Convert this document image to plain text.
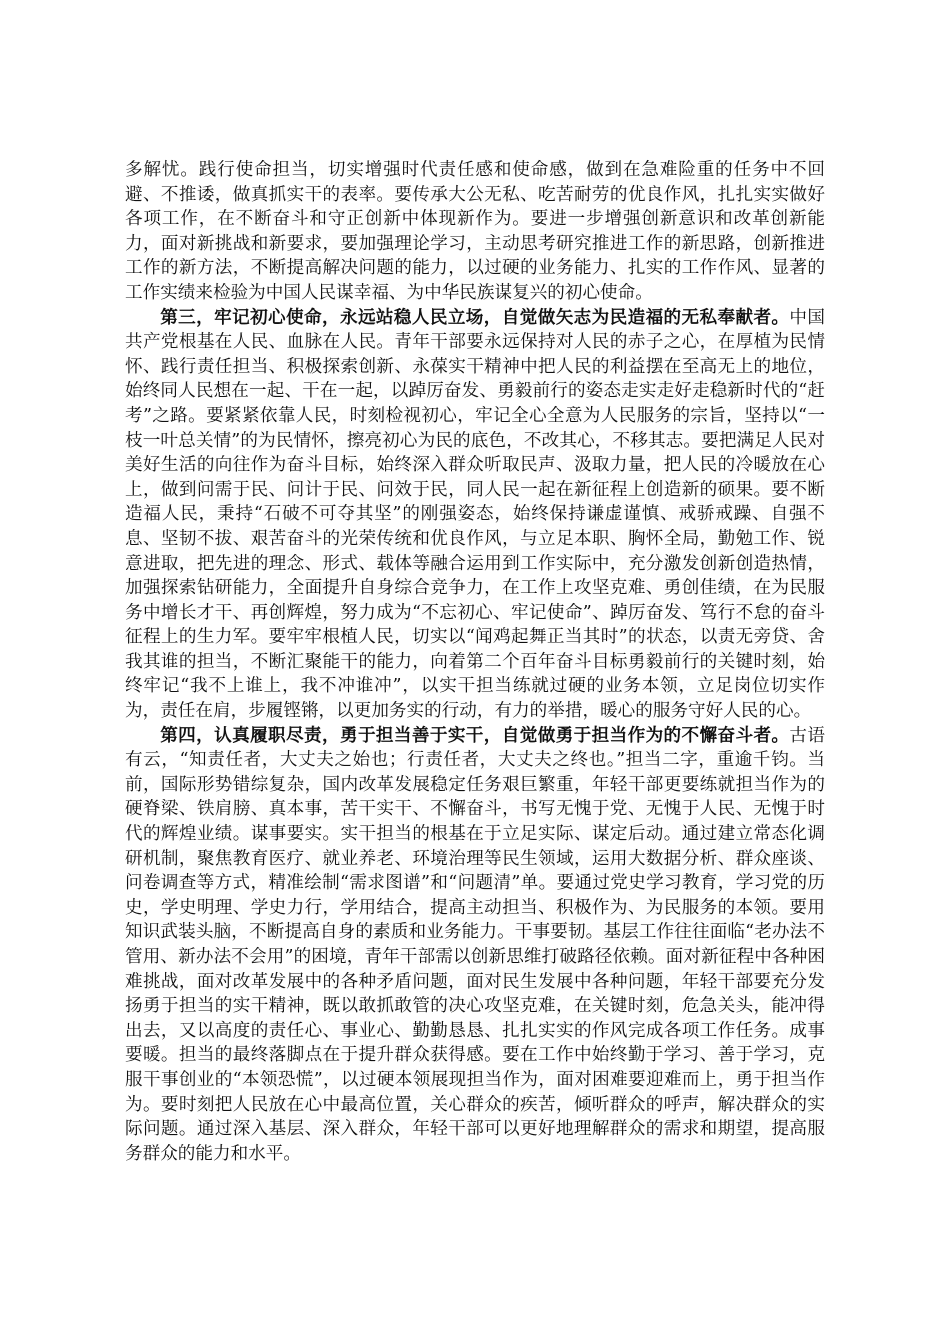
多解忧。践行使命担当，切实增强时代责任感和使命感，做到在急难险重的任务中不回避、不推诿，做真抓实干的表率。要传承大公无私、吃苦耐劳的优良作风，扎扎实实做好各项工作，在不断奋斗和守正创新中体现新作为。要进一步增强创新意识和改革创新能力，面对新挑战和新要求，要加强理论学习，主动思考研究推进工作的新思路，创新推进工作的新方法，不断提高解决问题的能力，以过硬的业务能力、扎实的工作作风、显著的工作实绩来检验为中国人民谋幸福、为中华民族谋复兴的初心使命。

第三，牢记初心使命，永远站稳人民立场，自觉做矢志为民造福的无私奉献者。中国共产党根基在人民、血脉在人民。青年干部要永远保持对人民的赤子之心，在厚植为民情怀、践行责任担当、积极探索创新、永葆实干精神中把人民的利益摆在至高无上的地位，始终同人民想在一起、干在一起，以踔厉奋发、勇毅前行的姿态走实走好走稳新时代的“赶考”之路。要紧紧依靠人民，时刻检视初心，牢记全心全意为人民服务的宗旨，坚持以“一枝一叶总关情”的为民情怀，擦亮初心为民的底色，不改其心，不移其志。要把满足人民对美好生活的向往作为奋斗目标，始终深入群众听取民声、汲取力量，把人民的冷暖放在心上，做到问需于民、问计于民、问效于民，同人民一起在新征程上创造新的硕果。要不断造福人民，秉持“石破不可夺其坚”的刚强姿态，始终保持谦虚谨慎、戒骄戒躁、自强不息、坚韧不拔、艰苦奋斗的光荣传统和优良作风，与立足本职、胸怀全局，勤勉工作、锐意进取，把先进的理念、形式、载体等融合运用到工作实际中，充分激发创新创造热情，加强探索钻研能力，全面提升自身综合竞争力，在工作上攻坚克难、勇创佳绩，在为民服务中增长才干、再创辉煌，努力成为“不忘初心、牢记使命”、踔厉奋发、笃行不怠的奋斗征程上的生力军。要牢牢根植人民，切实以“闻鸡起舞正当其时”的状态，以责无旁贷、舍我其谁的担当，不断汇聚能干的能力，向着第二个百年奋斗目标勇毅前行的关键时刻，始终牢记“我不上谁上，我不冲谁冲”，以实干担当练就过硬的业务本领，立足岗位切实作为，责任在肩，步履铿锵，以更加务实的行动，有力的举措，暖心的服务守好人民的心。

第四，认真履职尽责，勇于担当善于实干，自觉做勇于担当作为的不懈奋斗者。古语有云，“知责任者，大丈夫之始也；行责任者，大丈夫之终也。”担当二字，重逾千钧。当前，国际形势错综复杂，国内改革发展稳定任务艰巨繁重，年轻干部更要练就担当作为的硬脊梁、铁肩膀、真本事，苦干实干、不懈奋斗，书写无愧于党、无愧于人民、无愧于时代的辉煌业绩。谋事要实。实干担当的根基在于立足实际、谋定后动。通过建立常态化调研机制，聚焦教育医疗、就业养老、环境治理等民生领域，运用大数据分析、群众座谈、问卷调查等方式，精准绘制“需求图谱”和“问题清”单。要通过党史学习教育，学习党的历史，学史明理、学史力行，学用结合，提高主动担当、积极作为、为民服务的本领。要用知识武装头脑，不断提高自身的素质和业务能力。干事要韧。基层工作往往面临“老办法不管用、新办法不会用”的困境，青年干部需以创新思维打破路径依赖。面对新征程中各种困难挑战，面对改革发展中的各种矛盾问题，面对民生发展中各种问题，年轻干部要充分发扬勇于担当的实干精神，既以敢抓敢管的决心攻坚克难，在关键时刻，危急关头，能冲得出去，又以高度的责任心、事业心、勤勤恳恳、扎扎实实的作风完成各项工作任务。成事要暖。担当的最终落脚点在于提升群众获得感。要在工作中始终勤于学习、善于学习，克服干事创业的“本领恐慌”，以过硬本领展现担当作为，面对困难要迎难而上，勇于担当作为。要时刻把人民放在心中最高位置，关心群众的疾苦，倾听群众的呼声，解决群众的实际问题。通过深入基层、深入群众，年轻干部可以更好地理解群众的需求和期望，提高服务群众的能力和水平。
